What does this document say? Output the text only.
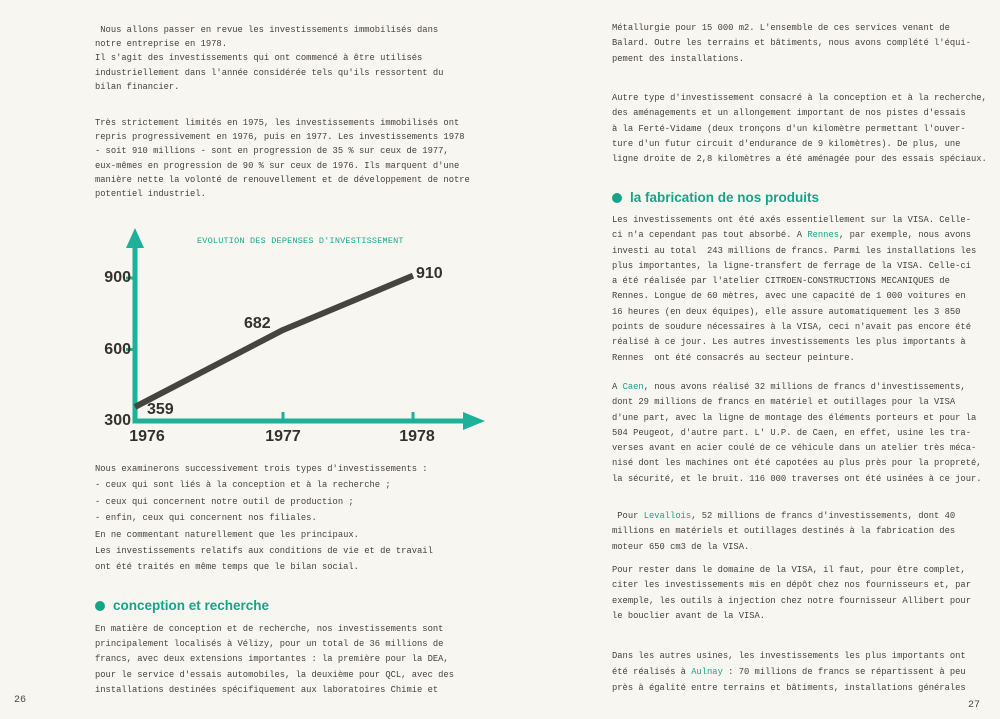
Nous allons passer en revue les investissements immobilisés dans
notre entreprise en 1978.
Il s'agit des investissements qui ont commencé à être utilisés
industriellement dans l'année considérée tels qu'ils ressortent du
bilan financier.
Très strictement limités en 1975, les investissements immobilisés ont
repris progressivement en 1976, puis en 1977. Les investissements 1978
- soit 910 millions - sont en progression de 35 % sur ceux de 1977,
eux-mêmes en progression de 90 % sur ceux de 1976. Ils marquent d'une
manière nette la volonté de renouvellement et de développement de notre
potentiel industriel.
EVOLUTION DES DEPENSES D'INVESTISSEMENT
300
600
900
1976	1977	1978
359
682
910
Nous examinerons successivement trois types d'investissements :
- ceux qui sont liés à la conception et à la recherche ;
- ceux qui concernent notre outil de production ;
- enfin, ceux qui concernent nos filiales.
En ne commentant naturellement que les principaux.
Les investissements relatifs aux conditions de vie et de travail
ont été traités en même temps que le bilan social.
conception et recherche
En matière de conception et de recherche, nos investissements sont
principalement localisés à Vélizy, pour un total de 36 millions de
francs, avec deux extensions importantes : la première pour la DEA,
pour le service d'essais automobiles, la deuxième pour QCL, avec des
installations destinées spécifiquement aux laboratoires Chimie et
26
Métallurgie pour 15 000 m2. L'ensemble de ces services venant de
Balard. Outre les terrains et bâtiments, nous avons complété l'équi-
pement des installations.
Autre type d'investissement consacré à la conception et à la recherche,
des aménagements et un allongement important de nos pistes d'essais
à la Ferté-Vidame (deux tronçons d'un kilomètre permettant l'ouver-
ture d'un futur circuit d'endurance de 9 kilomètres). De plus, une
ligne droite de 2,8 kilomètres a été aménagée pour des essais spéciaux.
la fabrication de nos produits
Les investissements ont été axés essentiellement sur la VISA. Celle-
ci n'a cependant pas tout absorbé. A Rennes, par exemple, nous avons
investi au total  243 millions de francs. Parmi les installations les
plus importantes, la ligne-transfert de ferrage de la VISA. Celle-ci
a été réalisée par l'atelier CITROEN-CONSTRUCTIONS MECANIQUES de
Rennes. Longue de 60 mètres, avec une capacité de 1 000 voitures en
16 heures (en deux équipes), elle assure automatiquement les 3 850
points de soudure nécessaires à la VISA, ceci n'avait pas encore été
réalisé à ce jour. Les autres investissements les plus importants à
Rennes  ont été consacrés au secteur peinture.
A Caen, nous avons réalisé 32 millions de francs d'investissements,
dont 29 millions de francs en matériel et outillages pour la VISA
d'une part, avec la ligne de montage des éléments porteurs et pour la
504 Peugeot, d'autre part. L' U.P. de Caen, en effet, usine les tra-
verses avant en acier coulé de ce véhicule dans un atelier très méca-
nisé dont les machines ont été capotées au plus près pour la propreté,
la sécurité, et le bruit. 116 000 traverses ont été usinées à ce jour.
Pour Levallois, 52 millions de francs d'investissements, dont 40
millions en matériels et outillages destinés à la fabrication des
moteur 650 cm3 de la VISA.
Pour rester dans le domaine de la VISA, il faut, pour être complet,
citer les investissements mis en dépôt chez nos fournisseurs et, par
exemple, les outils à injection chez notre fournisseur Allibert pour
le bouclier avant de la VISA.
Dans les autres usines, les investissements les plus importants ont
été réalisés à Aulnay : 70 millions de francs se répartissent à peu
près à égalité entre terrains et bâtiments, installations générales
27
